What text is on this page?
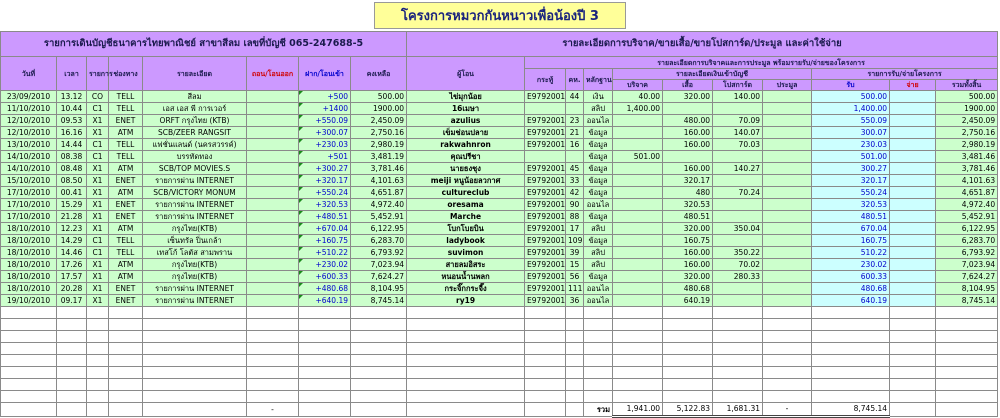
โครงการหมวกกันหนาวเพื่อน้องปี 3
รายการเดินบัญชีธนาคารไทยพาณิชย์ สาขาสีลม เลขที่บัญชี 065-247688-5								รายละเอียดการบริจาค/ขายเสื้อ/ขายโปสการ์ด/ประมูล และค่าใช้จ่าย										
วันที่	เวลา	รายการ	ช่องทาง	รายละเอียด	ถอน/โอนออก	ฝาก/โอนเข้า	คงเหลือ	ผู้โอน	รายละเอียดการบริจาคและการประมูล พร้อมรายรับ/จ่ายของโครงการ									
									กระทู้	คห.	หลักฐาน	รายละเอียดเงินเข้าบัญชี				รายการรับ/จ่ายโครงการ		
												บริจาค	เสื้อ	โปสการ์ด	ประมูล	รับ	จ่าย	รวมทั้งสิ้น
23/09/2010	13.12	CO	TELL	สีลม		+500	500.00	ไข่มุกน้อย	E9792001	44	เงิน	40.00	320.00	140.00		500.00		500.00
11/10/2010	10.44	C1	TELL	เอส เอส พี การเวอร์		+1400	1900.00	16เมษา			สลิป	1,400.00				1,400.00		1900.00
12/10/2010	09.53	X1	ENET	ORFT กรุงไทย (KTB)		+550.09	2,450.09	azulius	E9792001	23	ออนไล		480.00	70.09		550.09		2,450.09
12/10/2010	16.16	X1	ATM	SCB/ZEER RANGSIT		+300.07	2,750.16	เข็มช่อนปลาย	E9792001	21	ข้อมูล		160.00	140.07		300.07		2,750.16
13/10/2010	14.44	C1	TELL	แฟชั่นแลนด์ (นครสวรรค์)		+230.03	2,980.19	rakwahnron	E9792001	16	ข้อมูล		160.00	70.03		230.03		2,980.19
14/10/2010	08.38	C1	TELL	บรรทัดทอง		+501	3,481.19	คุณปรีชา			ข้อมูล	501.00				501.00		3,481.46
14/10/2010	08.48	X1	ATM	SCB/TOP MOVIES.S		+300.27	3,781.46	นายธงชุง	E9792001	45	ข้อมูล		160.00	140.27		300.27		3,781.46
15/10/2010	08.50	X1	ENET	รายการผ่าน INTERNET		+320.17	4,101.63	meiji หนูน้อยลวกาศ	E9792001	33	ข้อมูล		320.17			320.17		4,101.63
17/10/2010	00.41	X1	ATM	SCB/VICTORY MONUM		+550.24	4,651.87	cultureclub	E9792001	42	ข้อมูล		480	70.24		550.24		4,651.87
17/10/2010	15.29	X1	ENET	รายการผ่าน INTERNET		+320.53	4,972.40	oresama	E9792001	90	ออนไล		320.53			320.53		4,972.40
17/10/2010	21.28	X1	ENET	รายการผ่าน INTERNET		+480.51	5,452.91	Marche	E9792001	88	ข้อมูล		480.51			480.51		5,452.91
18/10/2010	12.23	X1	ATM	กรุงไทย(KTB)		+670.04	6,122.95	โบกโบยบิน	E9792001	17	สลิป		320.00	350.04		670.04		6,122.95
18/10/2010	14.29	C1	TELL	เซ็นทรัล ปิ่นเกล้า		+160.75	6,283.70	ladybook	E9792001	109	ข้อมูล		160.75			160.75		6,283.70
18/10/2010	14.46	C1	TELL	เทสโก้ โลตัส สามพราน		+510.22	6,793.92	suvimon	E9792001	39	สลิป		160.00	350.22		510.22		6,793.92
18/10/2010	17.26	X1	ATM	กรุงไทย(KTB)		+230.02	7,023.94	สายลมอิสระ	E9792001	15	สลิป		160.00	70.02		230.02		7,023.94
18/10/2010	17.57	X1	ATM	กรุงไทย(KTB)		+600.33	7,624.27	หนอนน้ำนพลก	E9792001	56	ข้อมูล		320.00	280.33		600.33		7,624.27
18/10/2010	20.28	X1	ENET	รายการผ่าน INTERNET		+480.68	8,104.95	กระจิ๊กกระจี๊ง	E9792001	111	ออนไล		480.68			480.68		8,104.95
19/10/2010	09.17	X1	ENET	รายการผ่าน INTERNET		+640.19	8,745.14	ry19	E9792001	36	ออนไล		640.19			640.19		8,745.14

					-						รวม	1,941.00	5,122.83	1,681.31	-	8,745.14		
